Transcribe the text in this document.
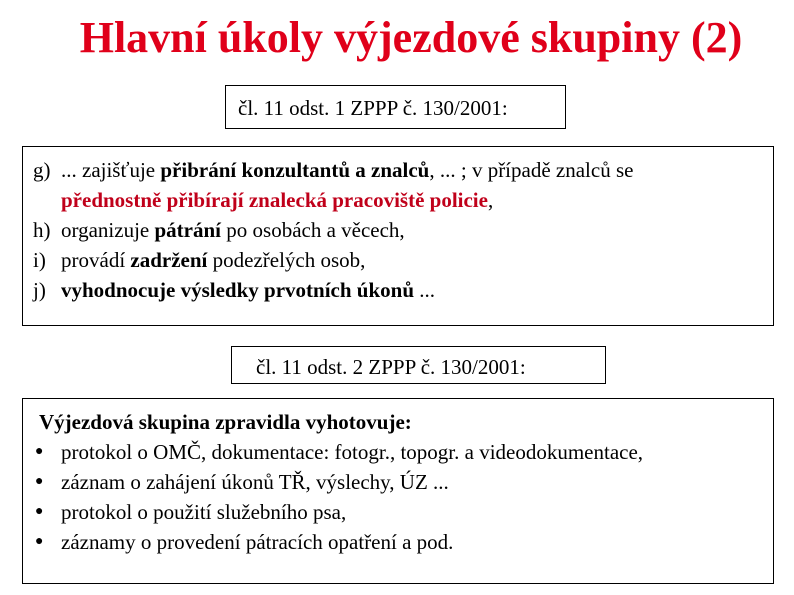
Hlavní úkoly výjezdové skupiny (2)
čl. 11 odst. 1 ZPPP č. 130/2001:
g) ... zajišťuje přibrání konzultantů a znalců, ... ; v případě znalců se
přednostně přibírají znalecká pracoviště policie ,
h) organizuje pátrání po osobách a věcech,
i) provádí zadržení podezřelých osob,
j) vyhodnocuje výsledky prvotních úkonů ...
čl. 11 odst. 2 ZPPP č. 130/2001:
Výjezdová skupina zpravidla vyhotovuje:
● protokol o OMČ, dokumentace: fotogr., topogr. a videodokumentace,
● záznam o zahájení úkonů TŘ, výslechy, ÚZ ...
● protokol o použití služebního psa,
● záznamy o provedení pátracích opatření a pod.
